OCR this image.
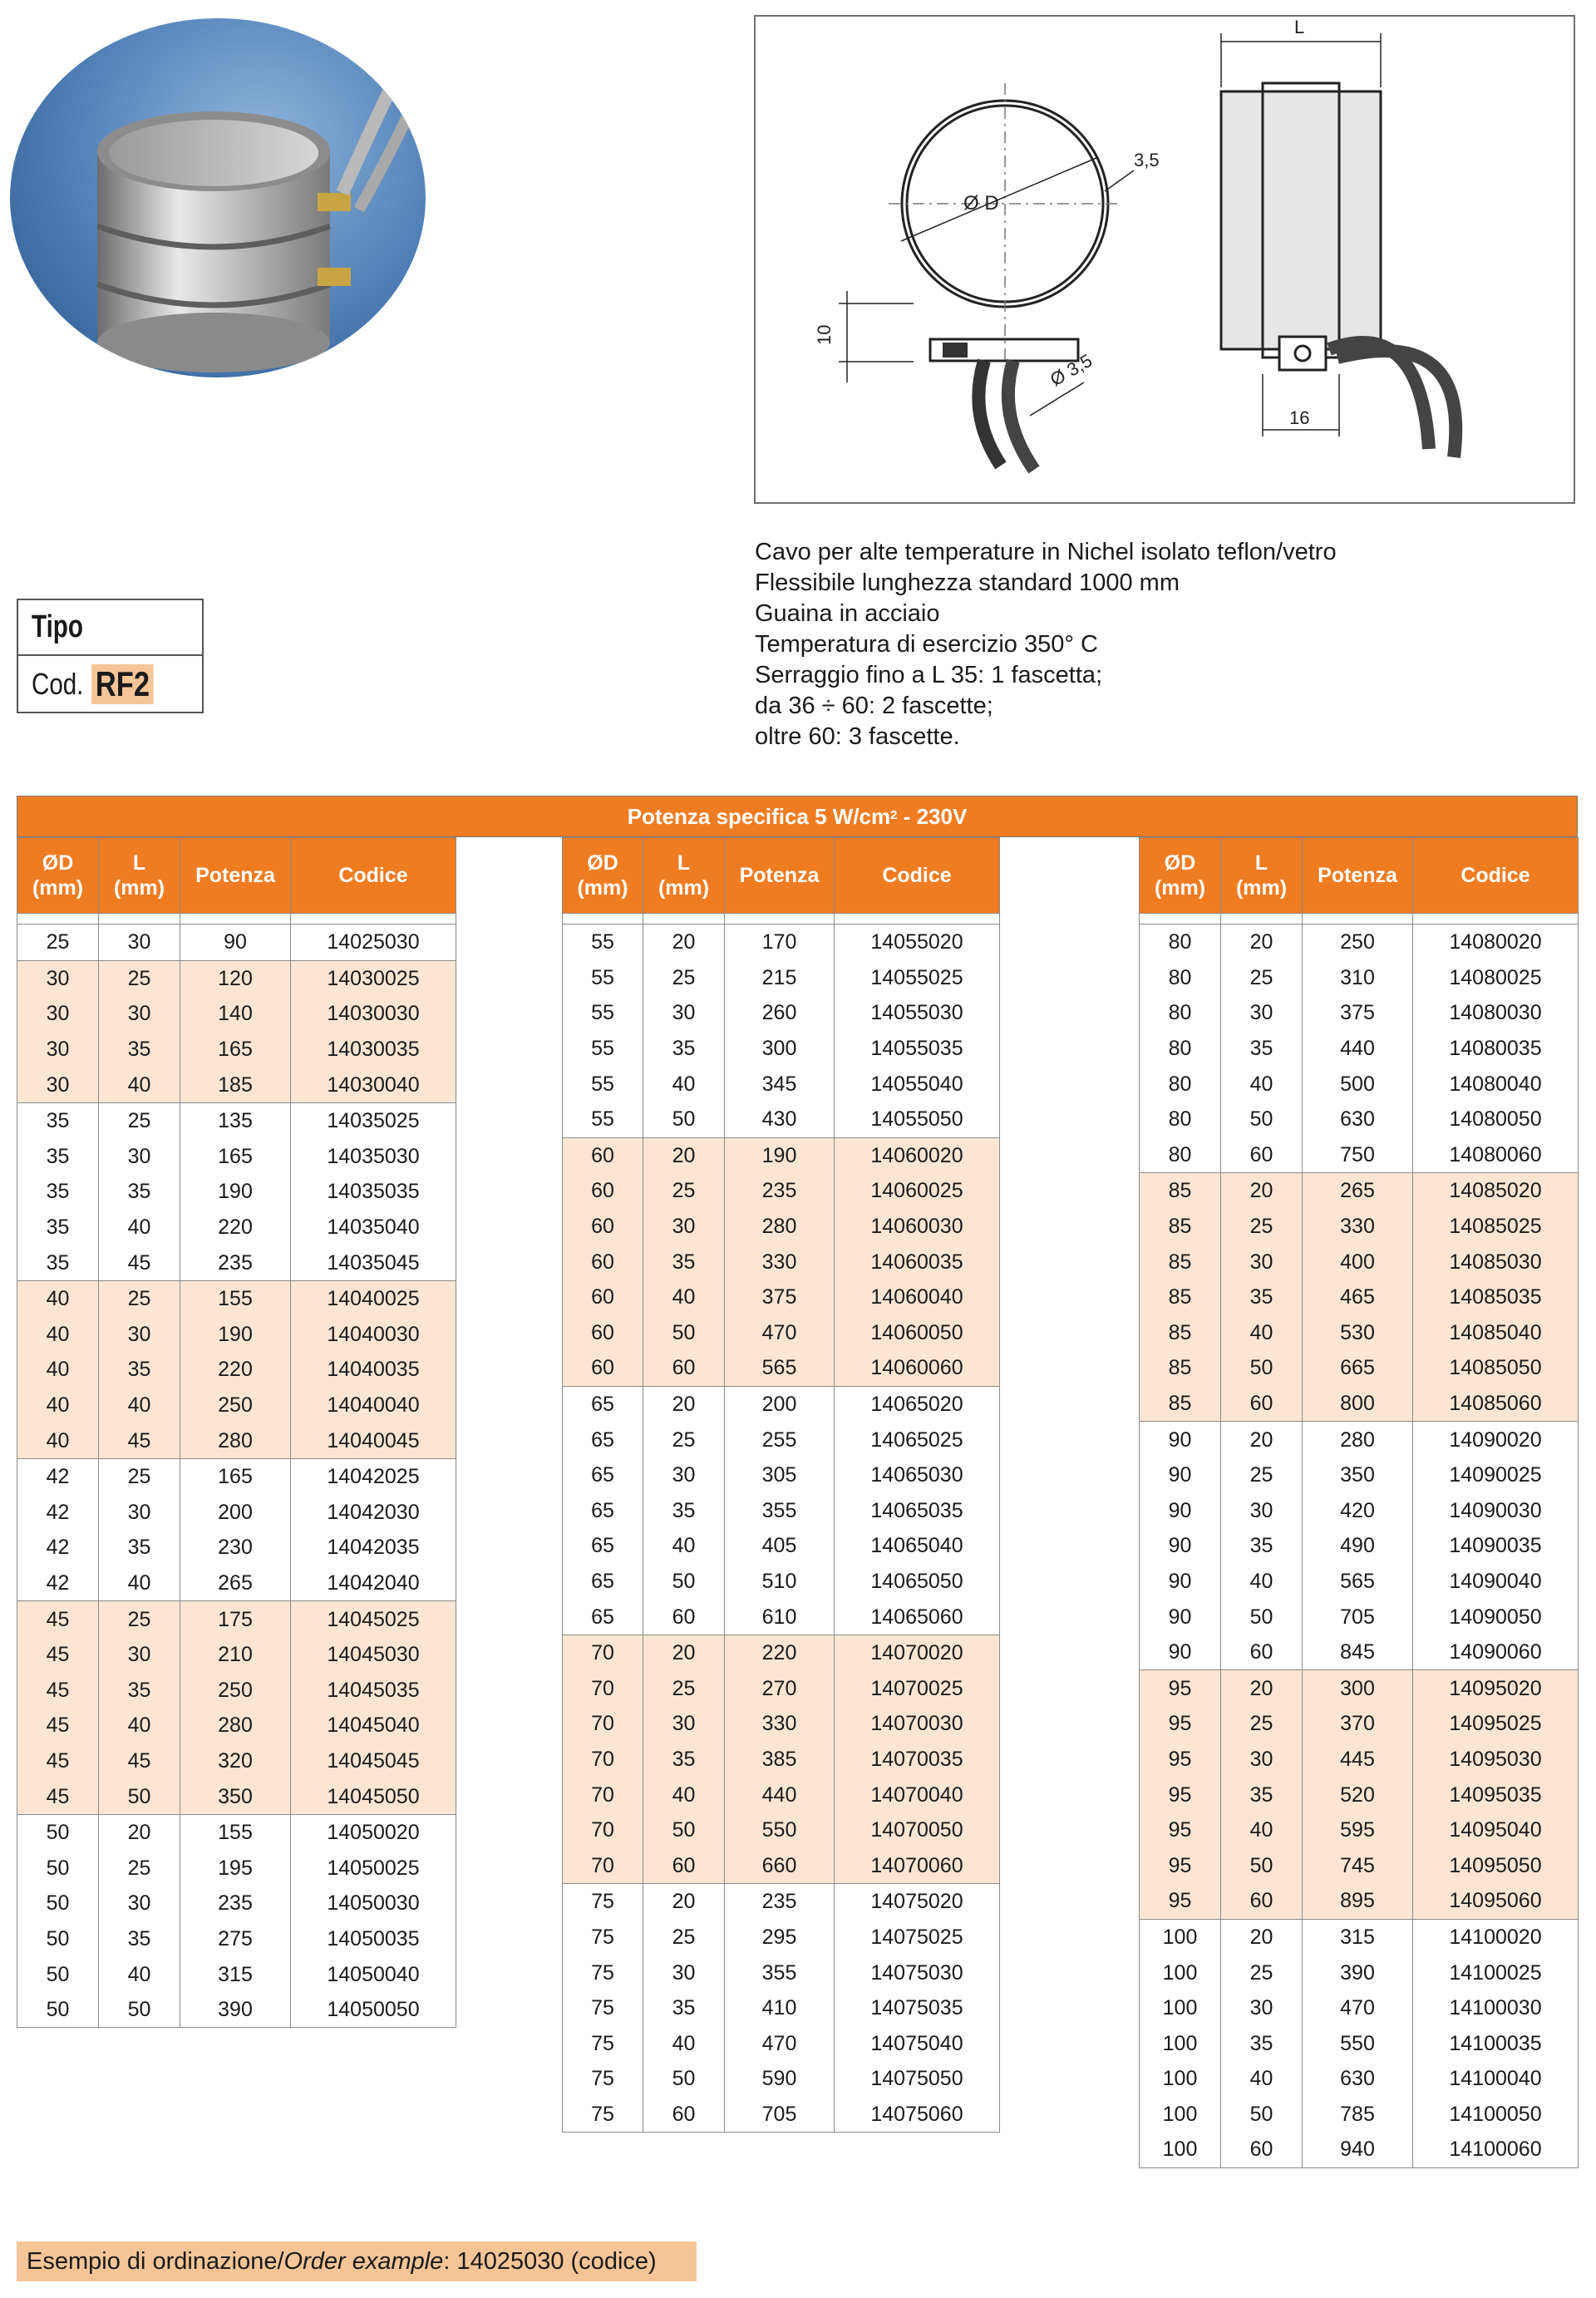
Ø D
3,5
10
Ø 3,5
L
16
Tipo
Cod. RF2
Cavo per alte temperature in Nichel isolato teflon/vetro
Flessibile lunghezza standard 1000 mm
Guaina in acciaio
Temperatura di esercizio 350° C
Serraggio fino a L 35: 1 fascetta;
da 36 ÷ 60: 2 fascette;
oltre 60: 3 fascette.
Potenza specifica 5 W/cm 2 - 230V
ØD
(mm)	L
(mm)	Potenza	Codice

25	30	90	14025030
30	25	120	14030025
30	30	140	14030030
30	35	165	14030035
30	40	185	14030040
35	25	135	14035025
35	30	165	14035030
35	35	190	14035035
35	40	220	14035040
35	45	235	14035045
40	25	155	14040025
40	30	190	14040030
40	35	220	14040035
40	40	250	14040040
40	45	280	14040045
42	25	165	14042025
42	30	200	14042030
42	35	230	14042035
42	40	265	14042040
45	25	175	14045025
45	30	210	14045030
45	35	250	14045035
45	40	280	14045040
45	45	320	14045045
45	50	350	14045050
50	20	155	14050020
50	25	195	14050025
50	30	235	14050030
50	35	275	14050035
50	40	315	14050040
50	50	390	14050050
ØD
(mm)	L
(mm)	Potenza	Codice

55	20	170	14055020
55	25	215	14055025
55	30	260	14055030
55	35	300	14055035
55	40	345	14055040
55	50	430	14055050
60	20	190	14060020
60	25	235	14060025
60	30	280	14060030
60	35	330	14060035
60	40	375	14060040
60	50	470	14060050
60	60	565	14060060
65	20	200	14065020
65	25	255	14065025
65	30	305	14065030
65	35	355	14065035
65	40	405	14065040
65	50	510	14065050
65	60	610	14065060
70	20	220	14070020
70	25	270	14070025
70	30	330	14070030
70	35	385	14070035
70	40	440	14070040
70	50	550	14070050
70	60	660	14070060
75	20	235	14075020
75	25	295	14075025
75	30	355	14075030
75	35	410	14075035
75	40	470	14075040
75	50	590	14075050
75	60	705	14075060
ØD
(mm)	L
(mm)	Potenza	Codice

80	20	250	14080020
80	25	310	14080025
80	30	375	14080030
80	35	440	14080035
80	40	500	14080040
80	50	630	14080050
80	60	750	14080060
85	20	265	14085020
85	25	330	14085025
85	30	400	14085030
85	35	465	14085035
85	40	530	14085040
85	50	665	14085050
85	60	800	14085060
90	20	280	14090020
90	25	350	14090025
90	30	420	14090030
90	35	490	14090035
90	40	565	14090040
90	50	705	14090050
90	60	845	14090060
95	20	300	14095020
95	25	370	14095025
95	30	445	14095030
95	35	520	14095035
95	40	595	14095040
95	50	745	14095050
95	60	895	14095060
100	20	315	14100020
100	25	390	14100025
100	30	470	14100030
100	35	550	14100035
100	40	630	14100040
100	50	785	14100050
100	60	940	14100060
Esempio di ordinazione/ Order example : 14025030 (codice)
